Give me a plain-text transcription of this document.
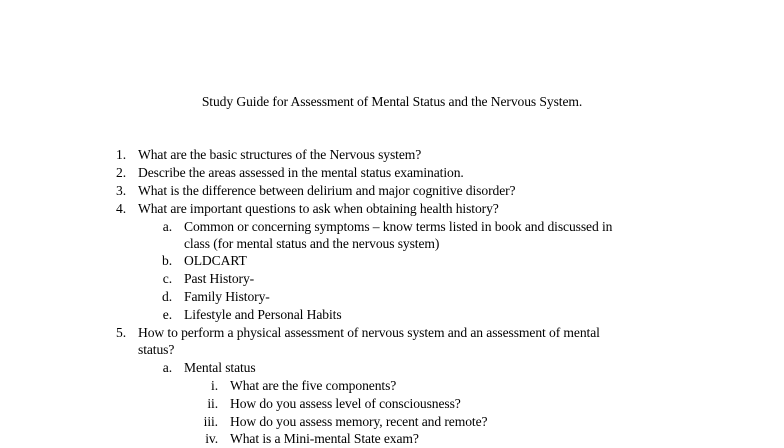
Study Guide for Assessment of Mental Status and the Nervous System.
1. What are the basic structures of the Nervous system?
2. Describe the areas assessed in the mental status examination.
3. What is the difference between delirium and major cognitive disorder?
4. What are important questions to ask when obtaining health history?
a. Common or concerning symptoms – know terms listed in book and discussed in
class (for mental status and the nervous system)
b. OLDCART
c. Past History-
d. Family History-
e. Lifestyle and Personal Habits
5. How to perform a physical assessment of nervous system and an assessment of mental
status?
a. Mental status
i. What are the five components?
ii. How do you assess level of consciousness?
iii. How do you assess memory, recent and remote?
iv. What is a Mini-mental State exam?
